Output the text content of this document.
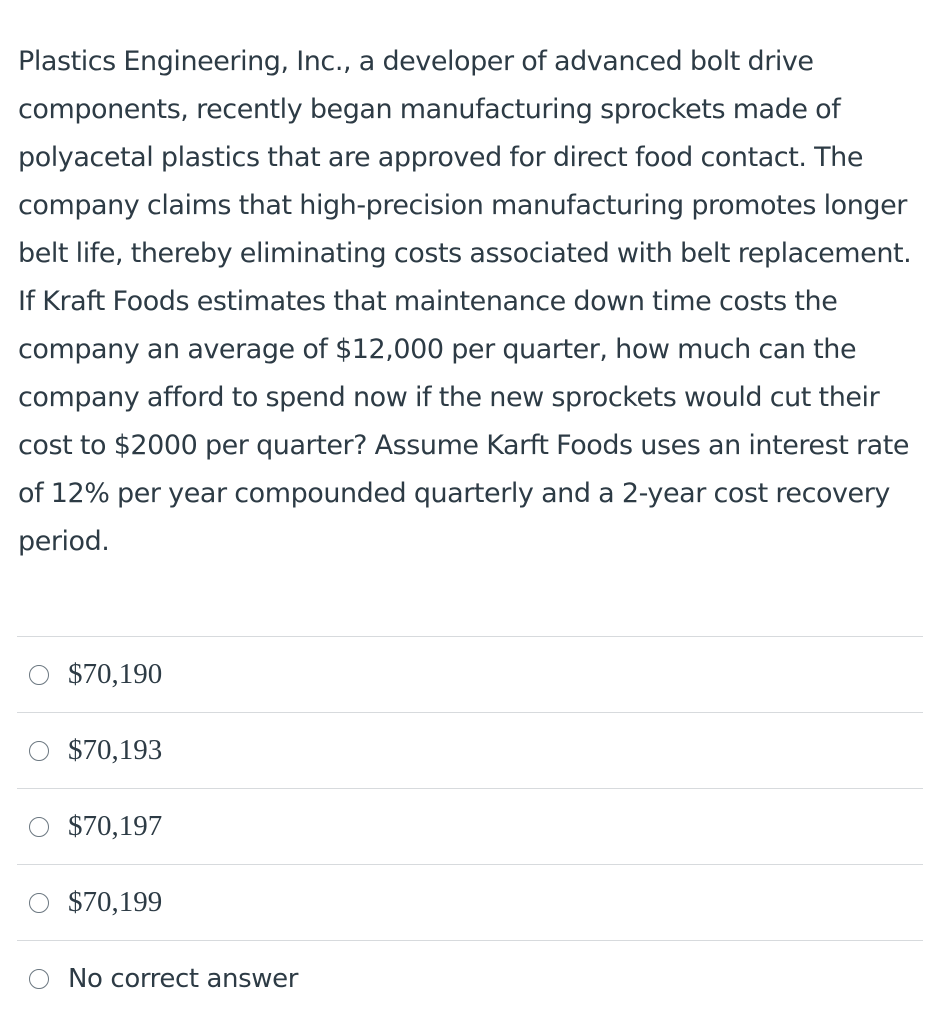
Plastics Engineering, Inc., a developer of advanced bolt drive components, recently began manufacturing sprockets made of polyacetal plastics that are approved for direct food contact. The company claims that high-precision manufacturing promotes longer belt life, thereby eliminating costs associated with belt replacement. If Kraft Foods estimates that maintenance down time costs the company an average of $12,000 per quarter, how much can the company afford to spend now if the new sprockets would cut their cost to $2000 per quarter? Assume Karft Foods uses an interest rate of 12% per year compounded quarterly and a 2-year cost recovery period.

$70,190
$70,193
$70,197
$70,199
No correct answer
